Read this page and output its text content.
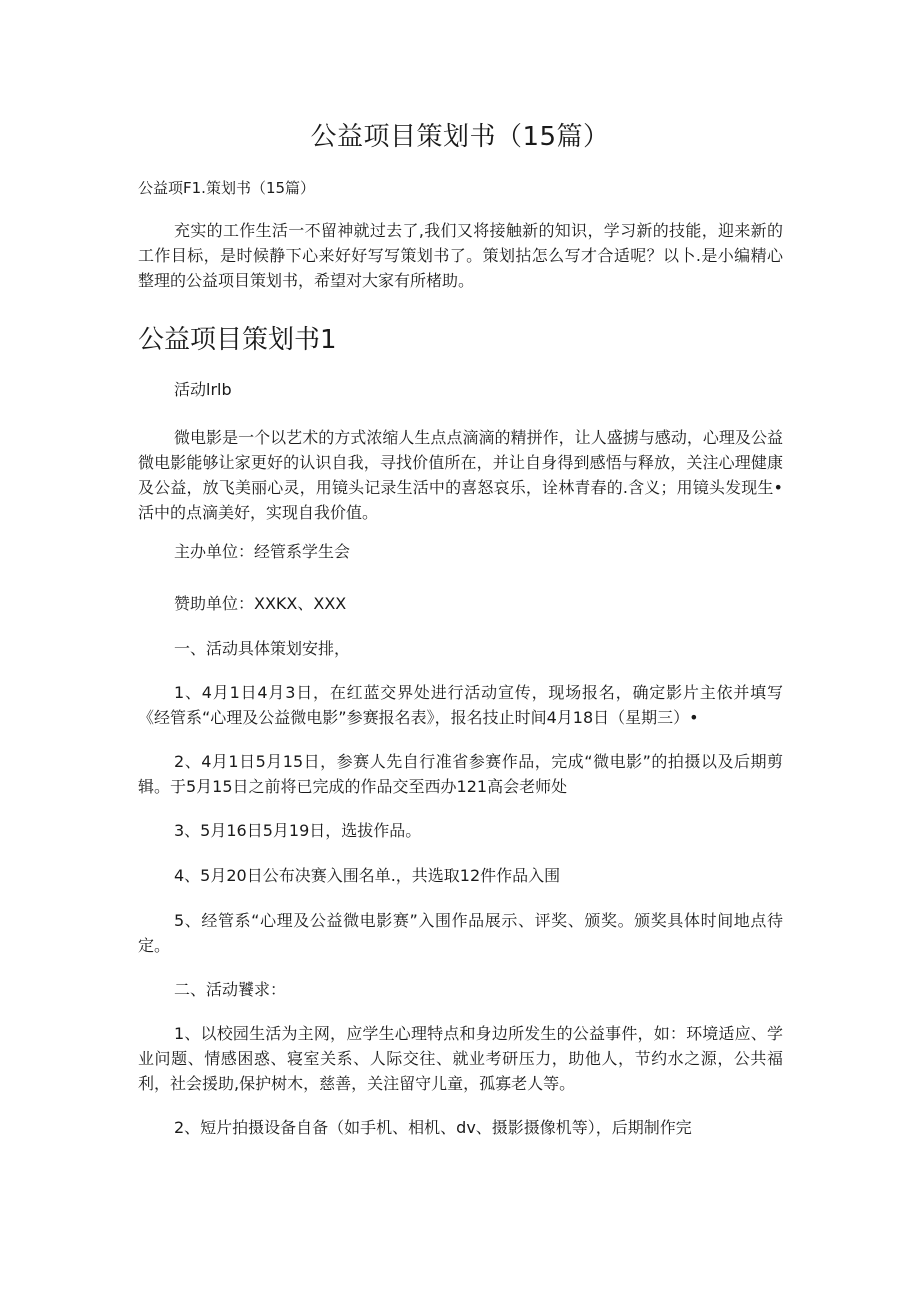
公益项目策划书（15篇）

公益项F1.策划书（15篇）

充实的工作生活一不留神就过去了,我们又将接触新的知识，学习新的技能，迎来新的工作目标，是时候静下心来好好写写策划书了。策划拈怎么写才合适呢？以卜.是小编精心整理的公益项目策划书，希望对大家有所楮助。

公益项目策划书1

活动lrlb

微电影是一个以艺术的方式浓缩人生点点滴滴的精拼作，让人盛掳与感动，心理及公益微电影能够让家更好的认识自我，寻找价值所在，并让自身得到感悟与释放，关注心理健康及公益，放飞美丽心灵，用镜头记录生活中的喜怒哀乐，诠林青春的.含义；用镜头发现生•活中的点滴美好，实现自我价值。

主办单位：经管系学生会

赞助单位：XXKX、XXX

一、活动具体策划安排，

1、4月1日4月3日，在红蓝交界处进行活动宣传，现场报名，确定影片主依并填写《经管系“心理及公益微电影”参赛报名表》，报名技止时间4月18日（星期三）•

2、4月1日5月15日，参赛人先自行准省参赛作品，完成“微电影”的拍摄以及后期剪辑。于5月15日之前将已完成的作品交至西办121高会老师处

3、5月16日5月19日，选拔作品。

4、5月20日公布决赛入围名单.，共选取12件作品入围

5、经管系“心理及公益微电影赛”入围作品展示、评奖、颁奖。颁奖具体时间地点待定。

二、活动饕求：

1、以校园生活为主网，应学生心理特点和身边所发生的公益事件，如：环境适应、学业问题、情感困惑、寝室关系、人际交往、就业考研压力，助他人，节约水之源，公共福利，社会援助,保护树木，慈善，关注留守儿童，孤寡老人等。

2、短片拍摄设备自备（如手机、相机、dv、摄影摄像机等），后期制作完
